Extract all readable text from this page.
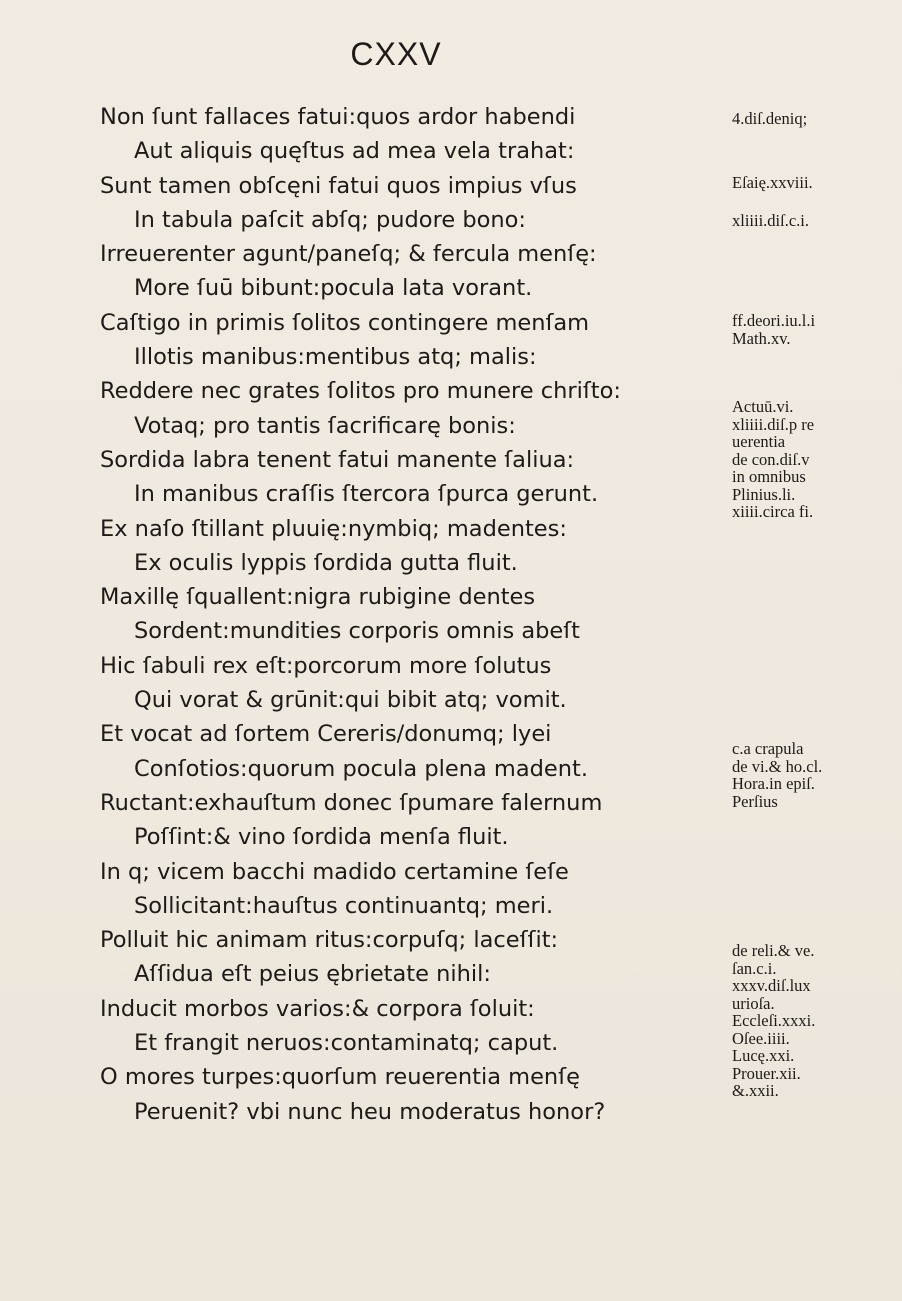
CXXV
Non ſunt fallaces fatui:quos ardor habendi
Aut aliquis quęſtus ad mea vela trahat:
Sunt tamen obſcęni fatui quos impius vſus
In tabula paſcit abſq; pudore bono:
Irreuerenter agunt/paneſq; & fercula menſę:
More ſuū bibunt:pocula lata vorant.
Caſtigo in primis ſolitos contingere menſam
Illotis manibus:mentibus atq; malis:
Reddere nec grates ſolitos pro munere chriſto:
Votaq; pro tantis ſacrificarę bonis:
Sordida labra tenent fatui manente ſaliua:
In manibus craſſis ſtercora ſpurca gerunt.
Ex naſo ſtillant pluuię:nymbiq; madentes:
Ex oculis lyppis ſordida gutta fluit.
Maxillę ſquallent:nigra rubigine dentes
Sordent:mundities corporis omnis abeſt
Hic ſabuli rex eſt:porcorum more ſolutus
Qui vorat & grūnit:qui bibit atq; vomit.
Et vocat ad ſortem Cereris/donumq; lyei
Conſotios:quorum pocula plena madent.
Ructant:exhauſtum donec ſpumare falernum
Poſſint:& vino ſordida menſa fluit.
In q; vicem bacchi madido certamine ſeſe
Sollicitant:hauſtus continuantq; meri.
Polluit hic animam ritus:corpuſq; laceſſit:
Aſſidua eſt peius ębrietate nihil:
Inducit morbos varios:& corpora ſoluit:
Et frangit neruos:contaminatq; caput.
O mores turpes:quorſum reuerentia menſę
Peruenit? vbi nunc heu moderatus honor?
4.diſ.deniq;
Eſaię.xxviii.
xliiii.diſ.c.i.
ff.deori.iu.l.i
Math.xv.
Actuū.vi.
xliiii.diſ.p re
uerentia
de con.diſ.v
in omnibus
Plinius.li.
xiiii.circa fi.
c.a crapula
de vi.& ho.cl.
Hora.in epiſ.
Perſius
de reli.& ve.
ſan.c.i.
xxxv.diſ.lux
urioſa.
Eccleſi.xxxi.
Oſee.iiii.
Lucę.xxi.
Prouer.xii.
&.xxii.
